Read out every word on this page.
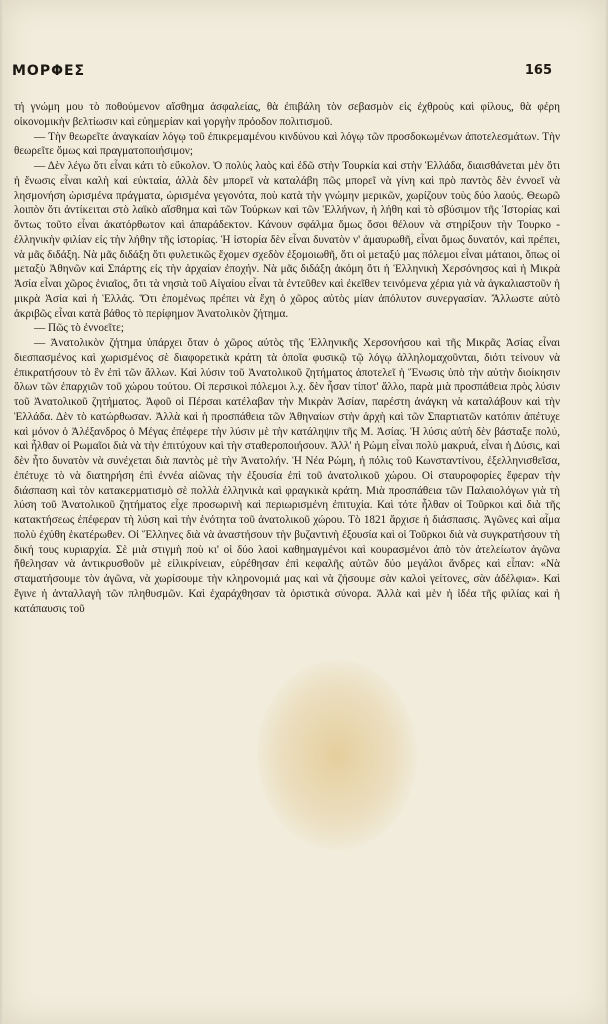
ΜΟΡΦΕΣ	165

τή γνώμη μου τὸ ποθούμενον αἴσθημα ἀσφαλείας, θὰ ἐπιβάλη τὸν σεβασμὸν εἰς ἐχθροὺς καὶ φίλους, θὰ φέρη οἰκονομικὴν βελτίωσιν καὶ εὐημερίαν καὶ γοργὴν πρόοδον πολιτισμοῦ.

— Τὴν θεωρεῖτε ἀναγκαίαν λόγῳ τοῦ ἐπικρεμαμένου κινδύνου καὶ λόγῳ τῶν προσδοκωμένων ἀποτελεσμάτων. Τὴν θεωρεῖτε ὅμως καὶ πραγματοποιήσιμον;

— Δὲν λέγω ὅτι εἶναι κάτι τὸ εὔκολον. Ὁ πολὺς λαὸς καὶ ἐδῶ στὴν Τουρκία καὶ στὴν Ἑλλάδα, διαισθάνεται μὲν ὅτι ἡ ἕνωσις εἶναι καλὴ καὶ εὐκταία, ἀλλὰ δὲν μπορεῖ νὰ καταλάβη πῶς μπορεῖ νὰ γίνη καὶ πρὸ παντὸς δὲν ἐννοεῖ νὰ λησμονήση ὡρισμένα πράγματα, ὡρισμένα γεγονότα, ποὺ κατὰ τὴν γνώμην μερικῶν, χωρίζουν τοὺς δύο λαούς. Θεωρῶ λοιπὸν ὅτι ἀντίκειται στὸ λαϊκὸ αἴσθημα καὶ τῶν Τούρκων καὶ τῶν Ἑλλήνων, ἡ λήθη καὶ τὸ σβύσιμον τῆς Ἱστορίας καὶ ὄντως τοῦτο εἶναι ἀκατόρθωτον καὶ ἀπαράδεκτον. Κάνουν σφάλμα ὅμως ὅσοι θέλουν νὰ στηρίξουν τὴν Τουρκο - ἑλληνικὴν φιλίαν εἰς τὴν λήθην τῆς ἱστορίας. Ἡ ἱστορία δὲν εἶναι δυνατὸν ν' ἀμαυρωθῆ, εἶναι ὅμως δυνατόν, καὶ πρέπει, νὰ μᾶς διδάξη. Νὰ μᾶς διδάξη ὅτι φυλετικῶς ἔχομεν σχεδὸν ἐξομοιωθῆ, ὅτι οἱ μεταξύ μας πόλεμοι εἶναι μάταιοι, ὅπως οἱ μεταξὺ Ἀθηνῶν καὶ Σπάρτης εἰς τὴν ἀρχαίαν ἐποχήν. Νὰ μᾶς διδάξη ἀκόμη ὅτι ἡ Ἑλληνικὴ Χερσόνησος καὶ ἡ Μικρὰ Ἀσία εἶναι χῶρος ἑνιαῖος, ὅτι τὰ νησιὰ τοῦ Αἰγαίου εἶναι τὰ ἐντεῦθεν καὶ ἐκεῖθεν τεινόμενα χέρια γιὰ νὰ ἀγκαλιαστοῦν ἡ μικρὰ Ἀσία καὶ ἡ Ἑλλάς. Ὅτι ἑπομένως πρέπει νὰ ἔχη ὁ χῶρος αὐτὸς μίαν ἀπόλυτον συνεργασίαν. Ἄλλωστε αὐτὸ ἀκριβῶς εἶναι κατὰ βάθος τὸ περίφημον Ἀνατολικὸν ζήτημα.

— Πῶς τὸ ἐννοεῖτε;

— Ἀνατολικὸν ζήτημα ὑπάρχει ὅταν ὁ χῶρος αὐτὸς τῆς Ἑλληνικῆς Χερσονήσου καὶ τῆς Μικρᾶς Ἀσίας εἶναι διεσπασμένος καὶ χωρισμένος σὲ διαφορετικὰ κράτη τὰ ὁποῖα φυσικῷ τῷ λόγῳ ἀλληλομαχοῦνται, διότι τείνουν νὰ ἐπικρατήσουν τὸ ἓν ἐπὶ τῶν ἄλλων. Καὶ λύσιν τοῦ Ἀνατολικοῦ ζητήματος ἀποτελεῖ ἡ Ἕνωσις ὑπὸ τὴν αὐτὴν διοίκησιν ὅλων τῶν ἐπαρχιῶν τοῦ χώρου τούτου. Οἱ περσικοὶ πόλεμοι λ.χ. δὲν ἦσαν τίποτ' ἄλλο, παρὰ μιὰ προσπάθεια πρὸς λύσιν τοῦ Ἀνατολικοῦ ζητήματος. Ἀφοῦ οἱ Πέρσαι κατέλαβαν τὴν Μικρὰν Ἀσίαν, παρέστη ἀνάγκη νὰ καταλάβουν καὶ τὴν Ἑλλάδα. Δὲν τὸ κατώρθωσαν. Ἀλλὰ καὶ ἡ προσπάθεια τῶν Ἀθηναίων στὴν ἀρχὴ καὶ τῶν Σπαρτιατῶν κατόπιν ἀπέτυχε καὶ μόνον ὁ Ἀλέξανδρος ὁ Μέγας ἐπέφερε τὴν λύσιν μὲ τὴν κατάληψιν τῆς Μ. Ἀσίας. Ἡ λύσις αὐτὴ δὲν βάσταξε πολύ, καὶ ἦλθαν οἱ Ρωμαῖοι διὰ νὰ τὴν ἐπιτύχουν καὶ τὴν σταθεροποιήσουν. Ἀλλ' ἡ Ρώμη εἶναι πολὺ μακρυά, εἶναι ἡ Δύσις, καὶ δὲν ἦτο δυνατὸν νὰ συνέχεται διὰ παντὸς μὲ τὴν Ἀνατολήν. Ἡ Νέα Ρώμη, ἡ πόλις τοῦ Κωνσταντίνου, ἐξελληνισθεῖσα, ἐπέτυχε τὸ νὰ διατηρήση ἐπὶ ἐννέα αἰῶνας τὴν ἐξουσία ἐπὶ τοῦ ἀνατολικοῦ χώρου. Οἱ σταυροφορίες ἔφεραν τὴν διάσπαση καὶ τὸν κατακερματισμὸ σὲ πολλὰ ἑλληνικὰ καὶ φραγκικὰ κράτη. Μιὰ προσπάθεια τῶν Παλαιολόγων γιὰ τὴ λύση τοῦ Ἀνατολικοῦ ζητήματος εἶχε προσωρινὴ καὶ περιωρισμένη ἐπιτυχία. Καὶ τότε ἦλθαν οἱ Τοῦρκοι καὶ διὰ τῆς κατακτήσεως ἐπέφεραν τὴ λύση καὶ τὴν ἑνότητα τοῦ ἀνατολικοῦ χώρου. Τὸ 1821 ἄρχισε ἡ διάσπασις. Ἀγῶνες καὶ αἷμα πολὺ ἐχύθη ἑκατέρωθεν. Οἱ Ἕλληνες διὰ νὰ ἀναστήσουν τὴν βυζαντινὴ ἐξουσία καὶ οἱ Τοῦρκοι διὰ νὰ συγκρατήσουν τὴ δική τους κυριαρχία. Σὲ μιὰ στιγμὴ ποὺ κι' οἱ δύο λαοὶ καθημαγμένοι καὶ κουρασμένοι ἀπὸ τὸν ἀτελείωτον ἀγῶνα ἤθελησαν νὰ ἀντικρυσθοῦν μὲ εἰλικρίνειαν, εὑρέθησαν ἐπὶ κεφαλῆς αὐτῶν δύο μεγάλοι ἄνδρες καὶ εἶπαν: «Νὰ σταματήσουμε τὸν ἀγῶνα, νὰ χωρίσουμε τὴν κληρονομιά μας καὶ νὰ ζήσουμε σὰν καλοὶ γείτονες, σὰν ἀδέλφια». Καὶ ἔγινε ἡ ἀνταλλαγὴ τῶν πληθυσμῶν. Καὶ ἐχαράχθησαν τὰ ὁριστικὰ σύνορα. Ἀλλὰ καὶ μὲν ἡ ἰδέα τῆς φιλίας καὶ ἡ κατάπαυσις τοῦ
